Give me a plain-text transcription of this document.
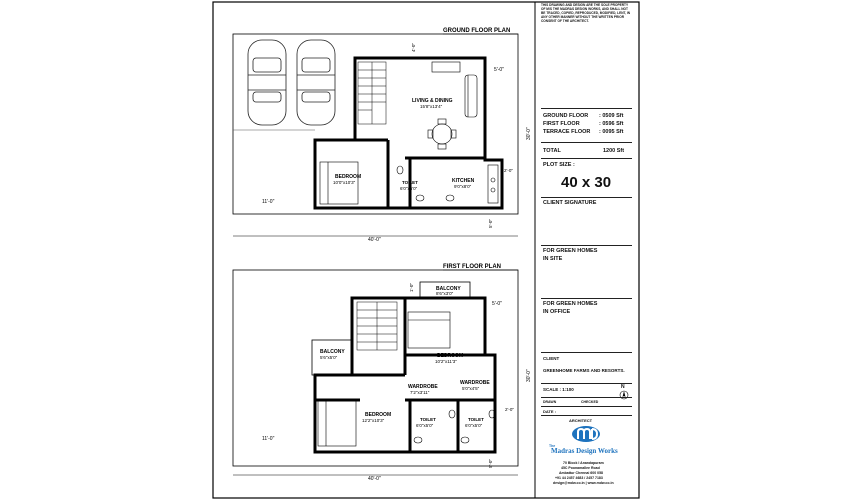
GROUND FLOOR PLAN
LIVING & DINING
15'8"x13'4"
BEDROOM
10'0"x10'3"	TOILET
6'0"x5'0"
KITCHEN
9'0"x8'0"
40'-0"
11'-0"
5'-0"
2'-0"
30'-0"
4'-0"
5'-0"
FIRST FLOOR PLAN
BALCONY
8'6"x3'0"
BALCONY
5'6"x5'0"	BEDROOM
10'2"x11'3"
WARDROBE
7'2"x3'11"
WARDROBE
5'0"x4'5"
BEDROOM
12'2"x10'3"	TOILET
6'0"x5'0"
TOILET
6'0"x5'0"
40'-0"
11'-0"
5'-0"
2'-0"
30'-0"
1'-0"
5'-0"
THIS DRAWING AND DESIGN ARE THE SOLE PROPERTY OF M/S THE MADRAS DESIGN WORKS, AND SHALL NOT BE TRACED, COPIED, REPRODUCED, MODIFIED, LENT, IN ANY OTHER MANNER WITHOUT THE WRITTEN PRIOR CONSENT OF THE ARCHITECT.
GROUND FLOOR : 0509 Sft
FIRST FLOOR	: 0596 Sft
TERRACE FLOOR : 0095 Sft
TOTAL	1200 Sft
PLOT SIZE :
40 x 30
CLIENT SIGNATURE
FOR GREEN HOMES
IN SITE
FOR GREEN HOMES
IN OFFICE
CLIENT
GREENHOME FARMS AND RESORTS.
SCALE : 1:100	N
DRAWN	CHECKED
DATE :
ARCHITECT
The
Madras Design Works
70 Block I Anandapuram
45C Poonamallee Road
Ambattur Chennai 600 058
+91 44 2457 4683 / 2457 7183
design@mdw.co.in | www.mdw.co.in
